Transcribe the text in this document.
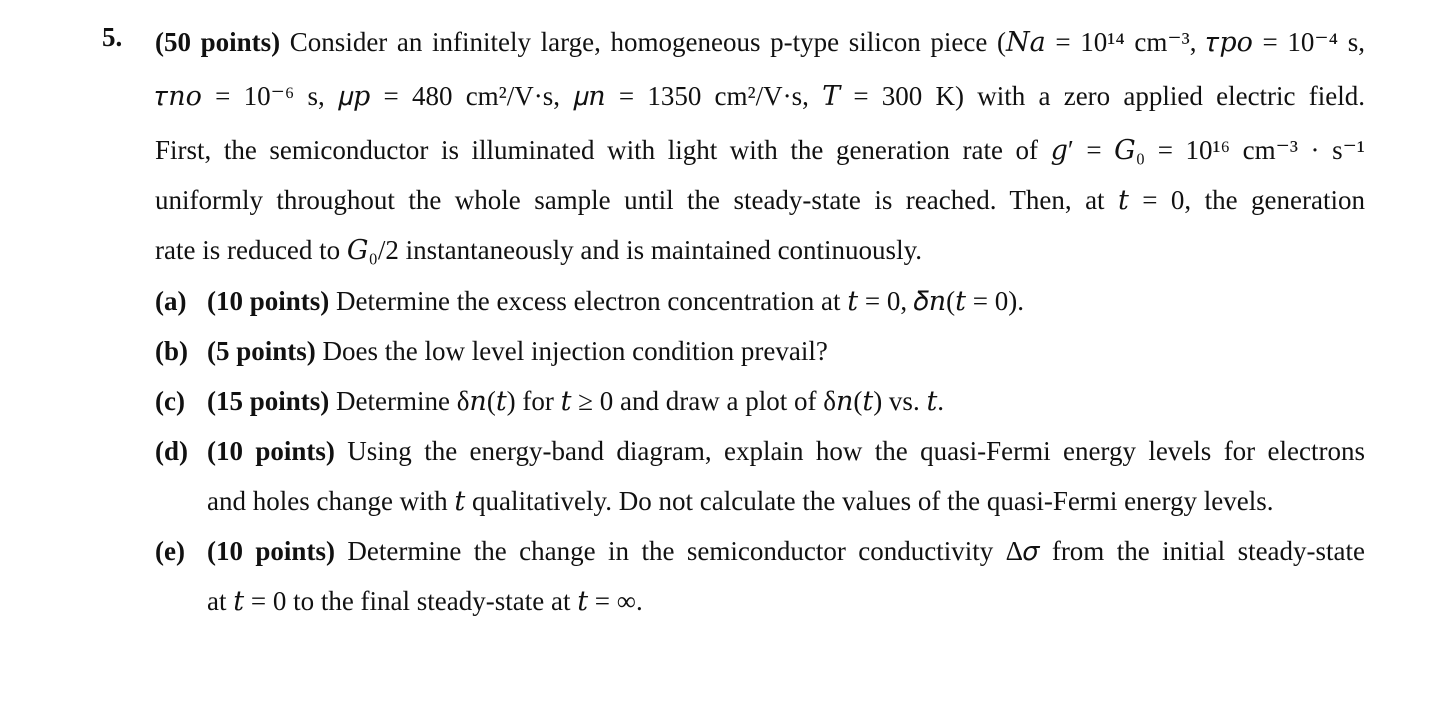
5. (50 points) Consider an infinitely large, homogeneous p-type silicon piece (𝑁𝑎 = 10¹⁴ cm⁻³, 𝜏𝑝𝑜 = 10⁻⁴ s,
𝜏𝑛𝑜 = 10⁻⁶ s, 𝜇𝑝 = 480 cm²/V·s, 𝜇𝑛 = 1350 cm²/V·s, 𝑇 = 300 K) with a zero applied electric field.
First, the semiconductor is illuminated with light with the generation rate of 𝑔′ = 𝐺₀ = 10¹⁶ cm⁻³ · s⁻¹
uniformly throughout the whole sample until the steady-state is reached. Then, at 𝑡 = 0, the generation
rate is reduced to 𝐺₀/2 instantaneously and is maintained continuously.
(a) (10 points) Determine the excess electron concentration at 𝑡 = 0, 𝛿𝑛(𝑡 = 0).
(b) (5 points) Does the low level injection condition prevail?
(c) (15 points) Determine δ𝑛(𝑡) for 𝑡 ≥ 0 and draw a plot of δ𝑛(𝑡) vs. 𝑡.
(d) (10 points) Using the energy-band diagram, explain how the quasi-Fermi energy levels for electrons
and holes change with 𝑡 qualitatively. Do not calculate the values of the quasi-Fermi energy levels.
(e) (10 points) Determine the change in the semiconductor conductivity Δ𝜎 from the initial steady-state
at 𝑡 = 0 to the final steady-state at 𝑡 = ∞.
